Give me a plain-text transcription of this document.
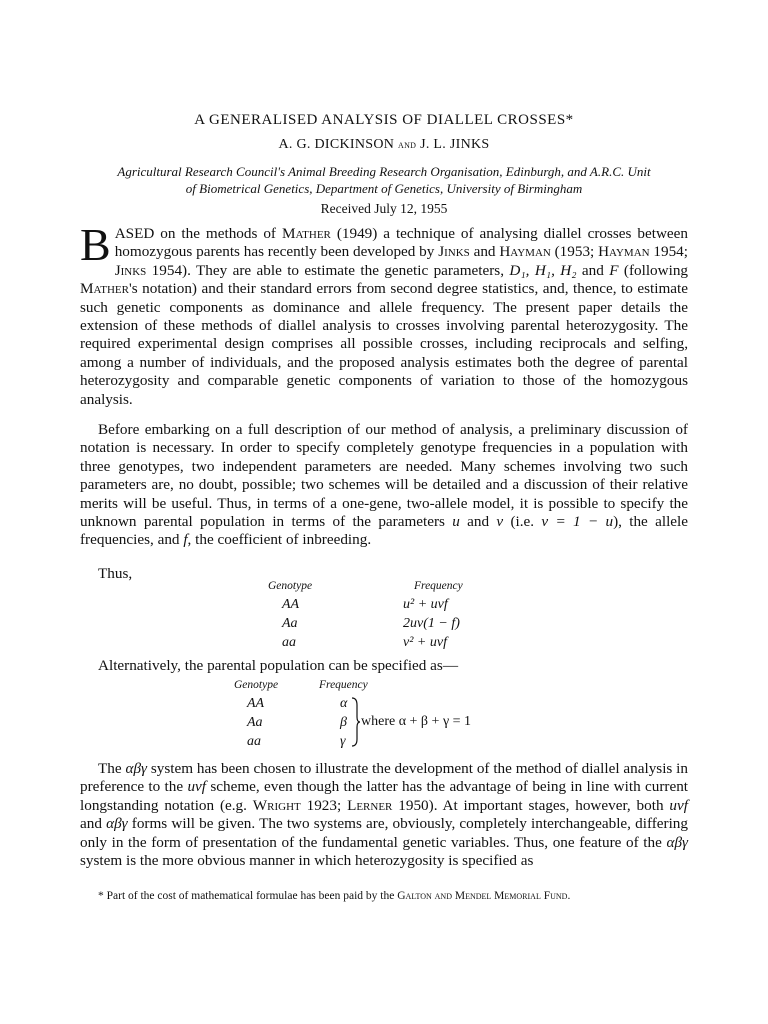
A GENERALISED ANALYSIS OF DIALLEL CROSSES*
A. G. DICKINSON and J. L. JINKS
Agricultural Research Council's Animal Breeding Research Organisation, Edinburgh, and A.R.C. Unit
of Biometrical Genetics, Department of Genetics, University of Birmingham
Received July 12, 1955
BASED on the methods of Mather (1949) a technique of analysing diallel crosses between homozygous parents has recently been developed by Jinks and Hayman (1953; Hayman 1954; Jinks 1954). They are able to estimate the genetic parameters, D₁, H₁, H₂ and F (following Mather's notation) and their standard errors from second degree statistics, and, thence, to estimate such genetic components as dominance and allele frequency. The present paper details the extension of these methods of diallel analysis to crosses involving parental heterozygosity. The required experimental design comprises all possible crosses, including reciprocals and selfing, among a number of individuals, and the proposed analysis estimates both the degree of parental heterozygosity and comparable genetic components of variation to those of the homozygous analysis.
Before embarking on a full description of our method of analysis, a preliminary discussion of notation is necessary. In order to specify completely genotype frequencies in a population with three genotypes, two independent parameters are needed. Many schemes involving two such parameters are, no doubt, possible; two schemes will be detailed and a discussion of their relative merits will be useful. Thus, in terms of a one-gene, two-allele model, it is possible to specify the unknown parental population in terms of the parameters u and v (i.e. v = 1 − u), the allele frequencies, and f, the coefficient of inbreeding.
Thus,
Genotype	Frequency
AA	u² + uvf
Aa	2uv(1 − f)
aa	v² + uvf
Alternatively, the parental population can be specified as—
Genotype	Frequency
AA	α
Aa	β
aa	γ
where α + β + γ = 1
The αβγ system has been chosen to illustrate the development of the method of diallel analysis in preference to the uvf scheme, even though the latter has the advantage of being in line with current longstanding notation (e.g. Wright 1923; Lerner 1950). At important stages, however, both uvf and αβγ forms will be given. The two systems are, obviously, completely interchangeable, differing only in the form of presentation of the fundamental genetic variables. Thus, one feature of the αβγ system is the more obvious manner in which heterozygosity is specified as
* Part of the cost of mathematical formulae has been paid by the Galton and Mendel Memorial Fund.
